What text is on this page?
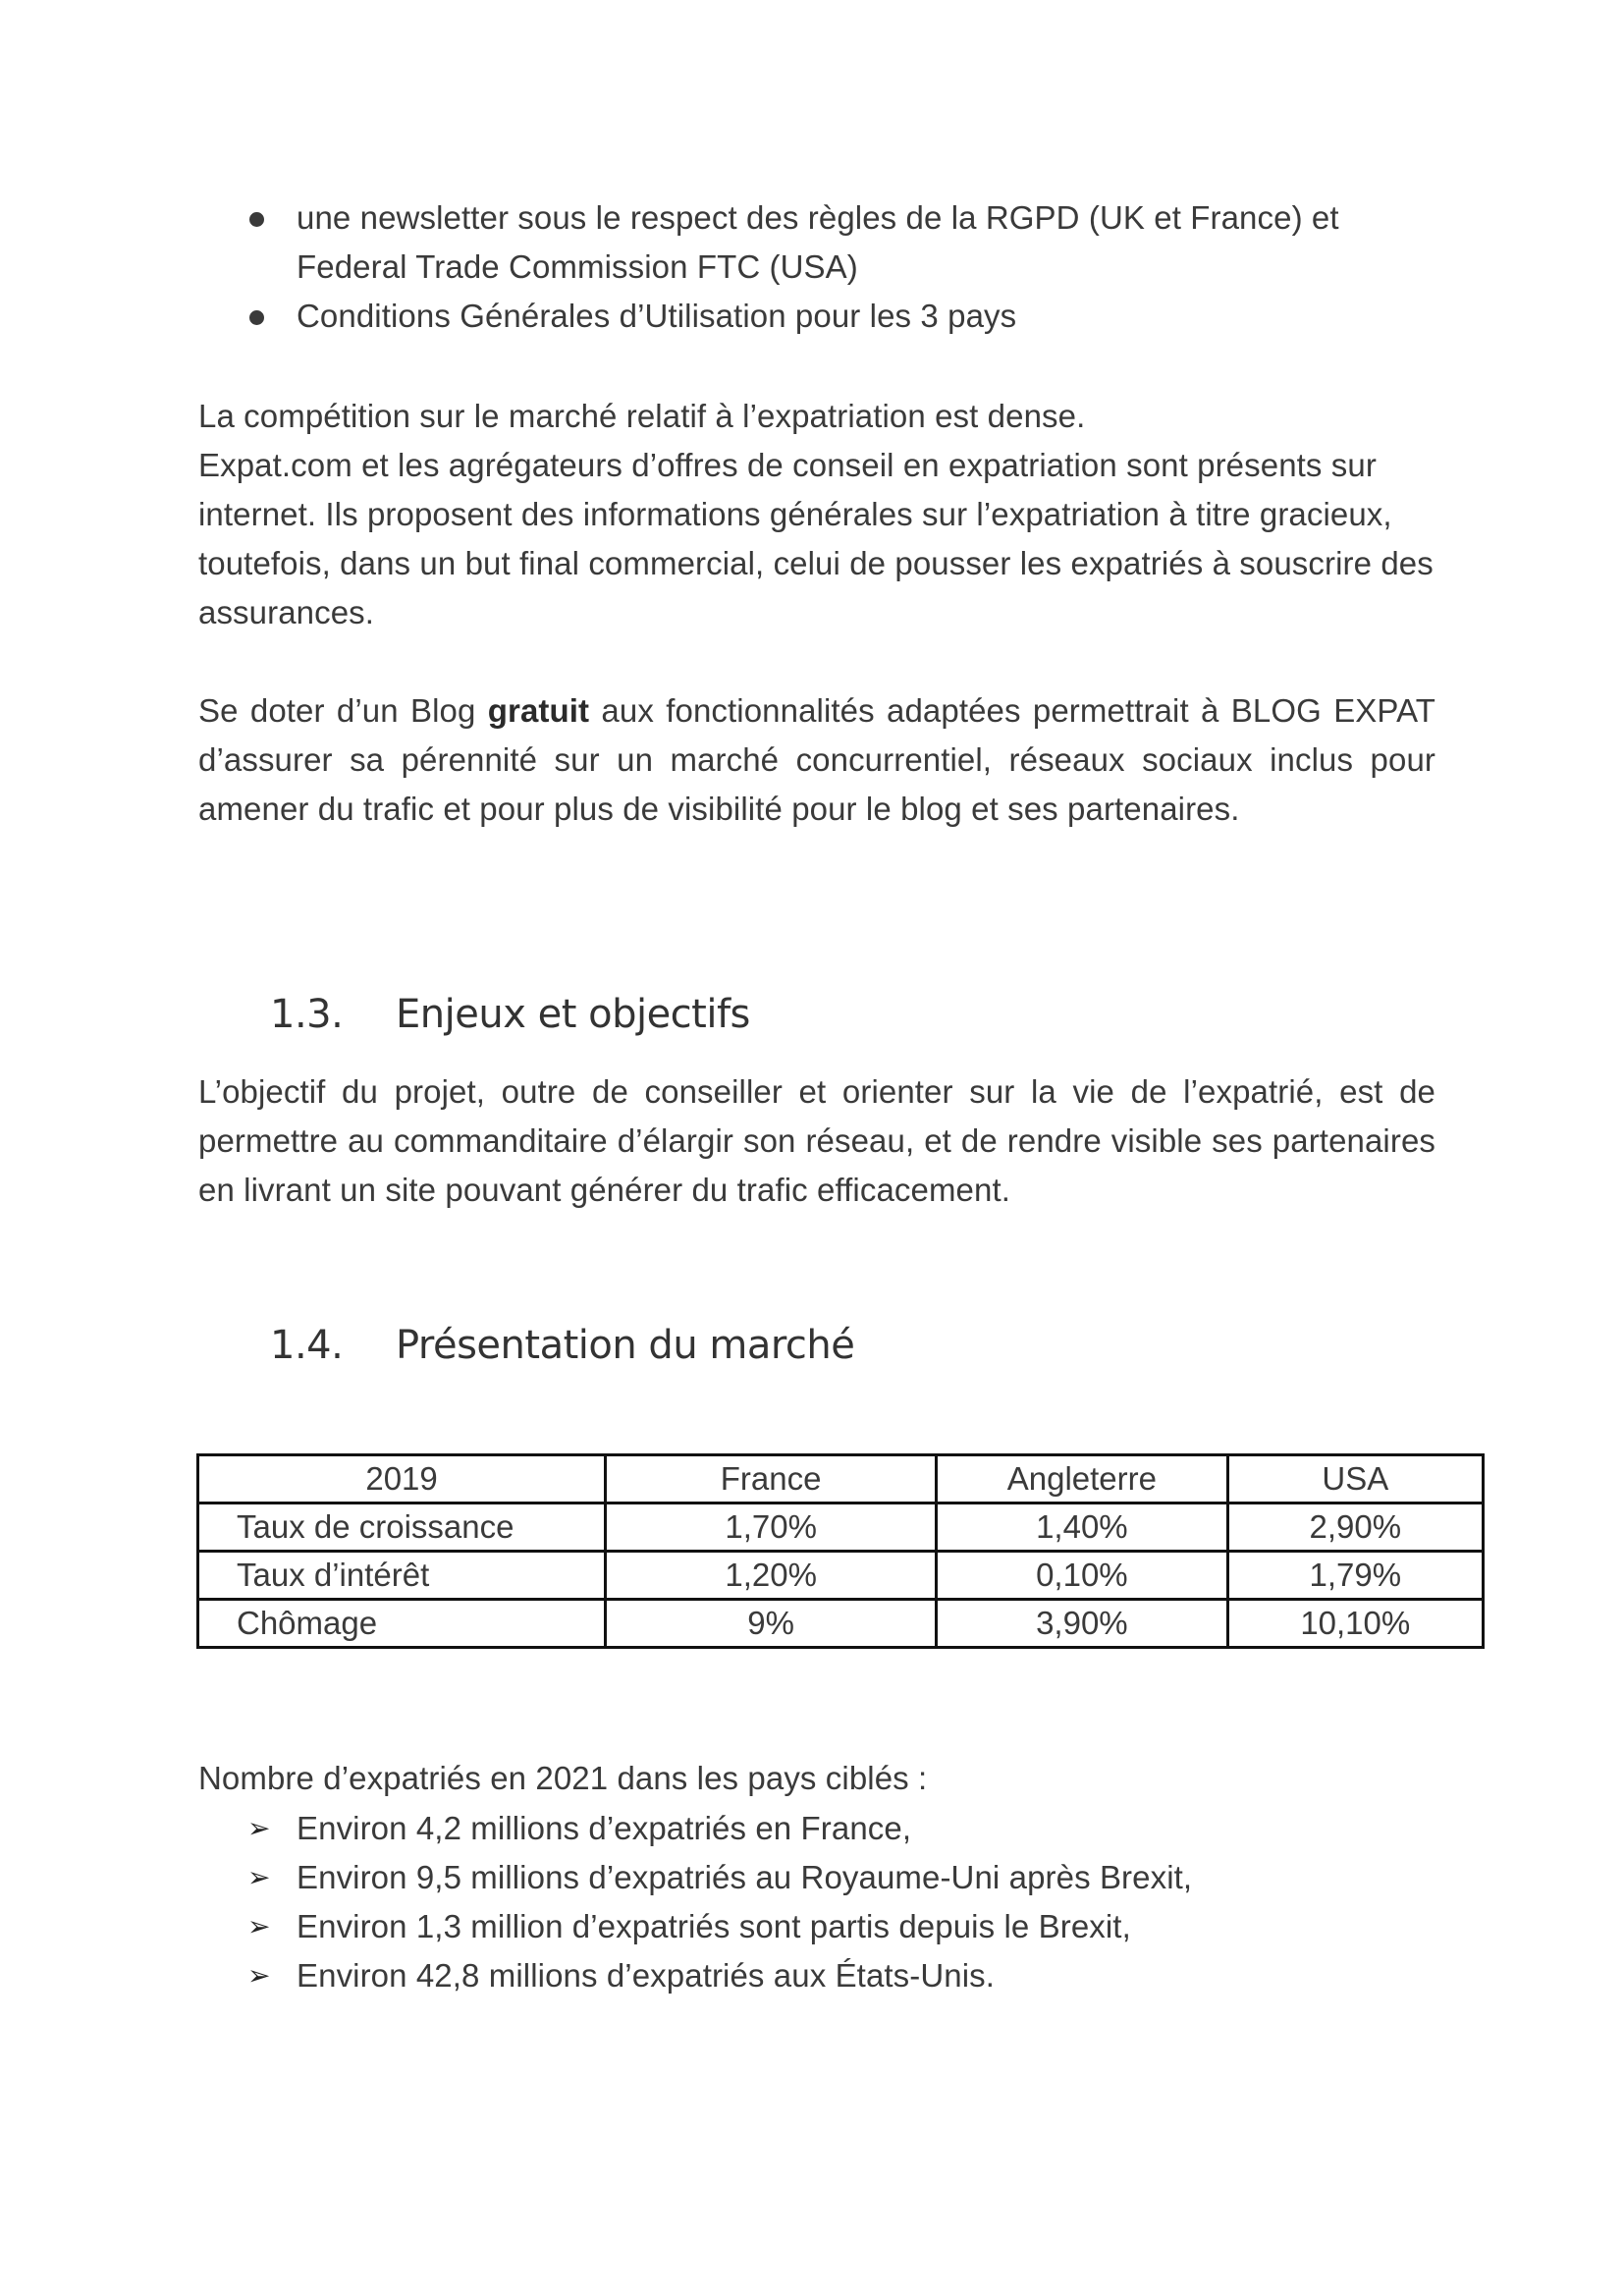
une newsletter sous le respect des règles de la RGPD (UK et France) et Federal Trade Commission FTC (USA)
Conditions Générales d’Utilisation pour les 3 pays

La compétition sur le marché relatif à l’expatriation est dense.
Expat.com et les agrégateurs d’offres de conseil en expatriation sont présents sur internet. Ils proposent des informations générales sur l’expatriation à titre gracieux, toutefois, dans un but final commercial, celui de pousser les expatriés à souscrire des assurances.

Se doter d’un Blog gratuit aux fonctionnalités adaptées permettrait à BLOG EXPAT d’assurer sa pérennité sur un marché concurrentiel, réseaux sociaux inclus pour amener du trafic et pour plus de visibilité pour le blog et ses partenaires.

1.3. Enjeux et objectifs

L’objectif du projet, outre de conseiller et orienter sur la vie de l’expatrié, est de permettre au commanditaire d’élargir son réseau, et de rendre visible ses partenaires en livrant un site pouvant générer du trafic efficacement.

1.4. Présentation du marché
2019	France	Angleterre	USA
Taux de croissance	1,70%	1,40%	2,90%
Taux d’intérêt	1,20%	0,10%	1,79%
Chômage	9%	3,90%	10,10%

Nombre d’expatriés en 2021 dans les pays ciblés :

➢ Environ 4,2 millions d’expatriés en France,
➢ Environ 9,5 millions d’expatriés au Royaume-Uni après Brexit,
➢ Environ 1,3 million d’expatriés sont partis depuis le Brexit,
➢ Environ 42,8 millions d’expatriés aux États-Unis.
